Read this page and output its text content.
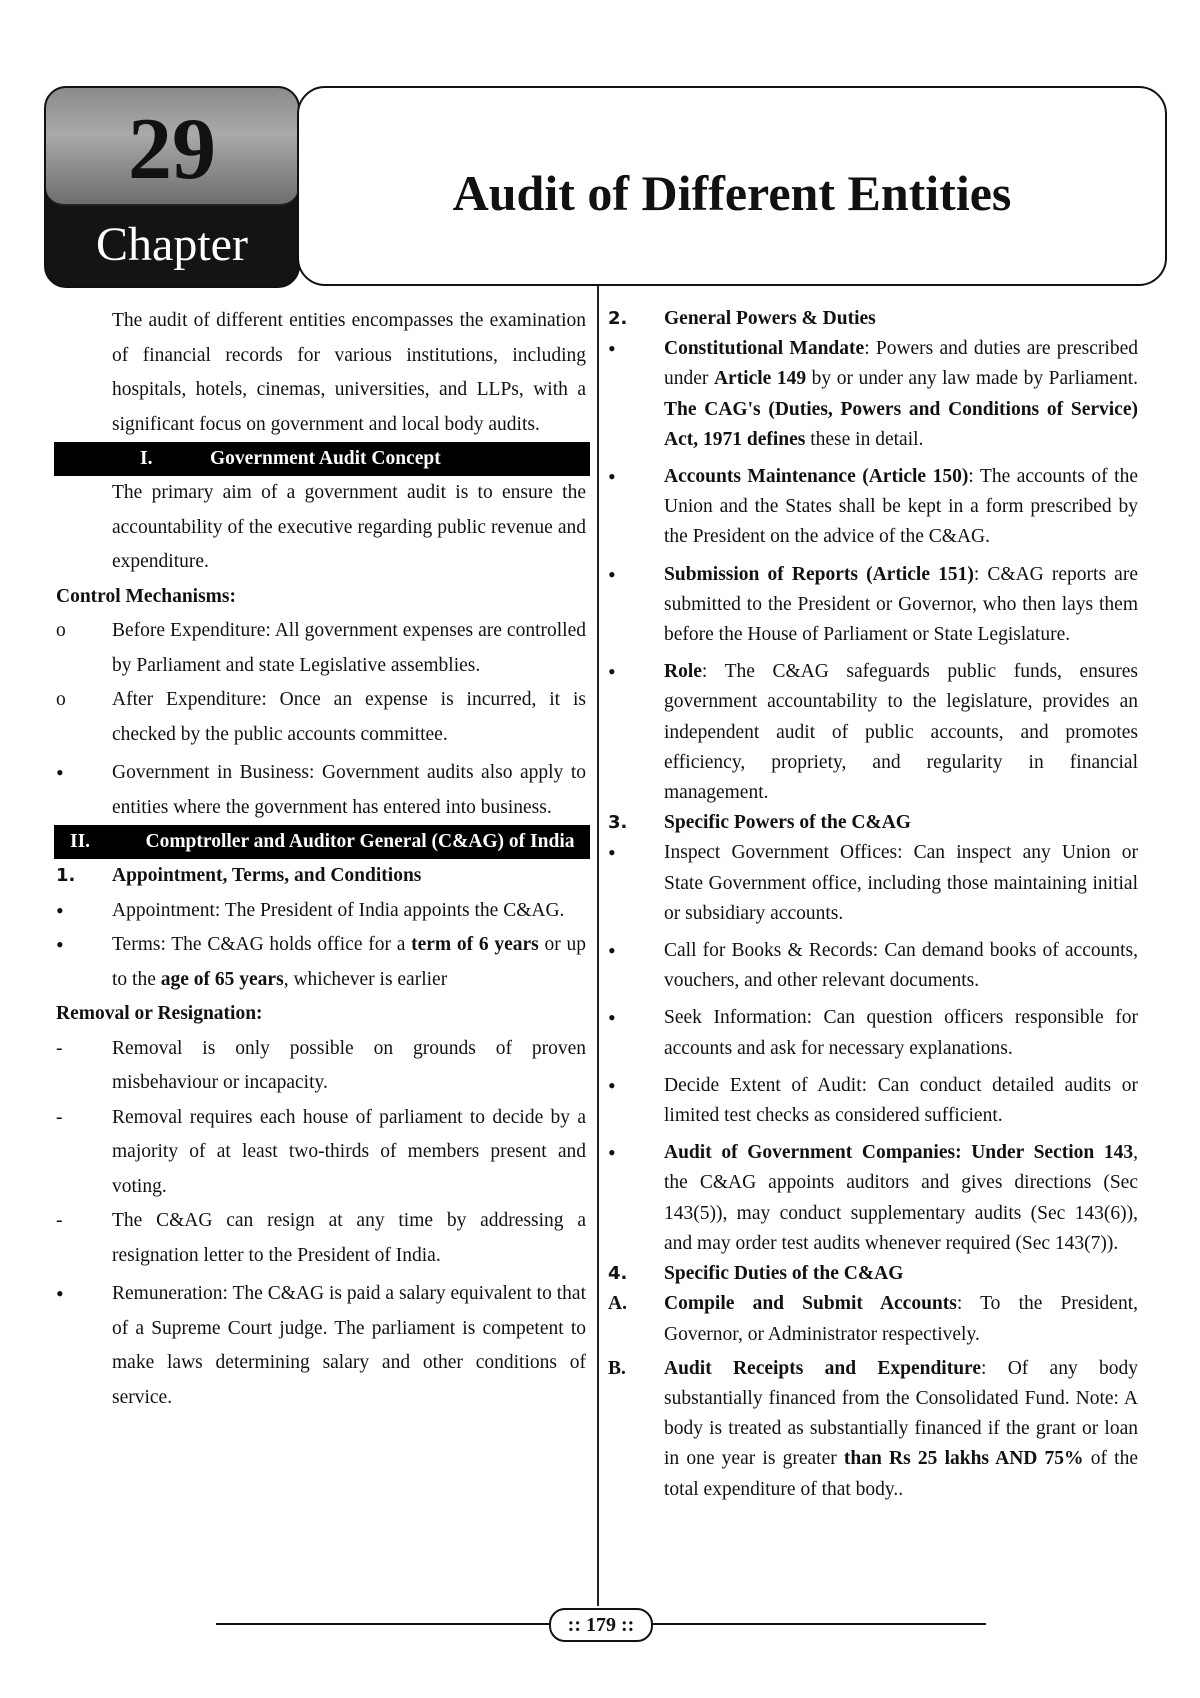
29
Chapter
Audit of Different Entities
The audit of different entities encompasses the examination of financial records for various institutions, including hospitals, hotels, cinemas, universities, and LLPs, with a significant focus on government and local body audits.
I.	Government Audit Concept
The primary aim of a government audit is to ensure the accountability of the executive regarding public revenue and expenditure.
Control Mechanisms:
o	Before Expenditure: All government expenses are controlled by Parliament and state Legislative assemblies.
o	After Expenditure: Once an expense is incurred, it is checked by the public accounts committee.
•	Government in Business: Government audits also apply to entities where the government has entered into business.
II.	Comptroller and Auditor General (C&AG) of India
1.	Appointment, Terms, and Conditions
•	Appointment: The President of India appoints the C&AG.
•	Terms: The C&AG holds office for a term of 6 years or up to the age of 65 years, whichever is earlier
Removal or Resignation:
-	Removal is only possible on grounds of proven misbehaviour or incapacity.
-	Removal requires each house of parliament to decide by a majority of at least two-thirds of members present and voting.
-	The C&AG can resign at any time by addressing a resignation letter to the President of India.
•	Remuneration: The C&AG is paid a salary equivalent to that of a Supreme Court judge. The parliament is competent to make laws determining salary and other conditions of service.
2.	General Powers & Duties
•	Constitutional Mandate: Powers and duties are prescribed under Article 149 by or under any law made by Parliament. The CAG's (Duties, Powers and Conditions of Service) Act, 1971 defines these in detail.
•	Accounts Maintenance (Article 150): The accounts of the Union and the States shall be kept in a form prescribed by the President on the advice of the C&AG.
•	Submission of Reports (Article 151): C&AG reports are submitted to the President or Governor, who then lays them before the House of Parliament or State Legislature.
•	Role: The C&AG safeguards public funds, ensures government accountability to the legislature, provides an independent audit of public accounts, and promotes efficiency, propriety, and regularity in financial management.
3.	Specific Powers of the C&AG
•	Inspect Government Offices: Can inspect any Union or State Government office, including those maintaining initial or subsidiary accounts.
•	Call for Books & Records: Can demand books of accounts, vouchers, and other relevant documents.
•	Seek Information: Can question officers responsible for accounts and ask for necessary explanations.
•	Decide Extent of Audit: Can conduct detailed audits or limited test checks as considered sufficient.
•	Audit of Government Companies: Under Section 143, the C&AG appoints auditors and gives directions (Sec 143(5)), may conduct supplementary audits (Sec 143(6)), and may order test audits whenever required (Sec 143(7)).
4.	Specific Duties of the C&AG
A.	Compile and Submit Accounts: To the President, Governor, or Administrator respectively.
B.	Audit Receipts and Expenditure: Of any body substantially financed from the Consolidated Fund. Note: A body is treated as substantially financed if the grant or loan in one year is greater than Rs 25 lakhs AND 75% of the total expenditure of that body..
:: 179 ::
